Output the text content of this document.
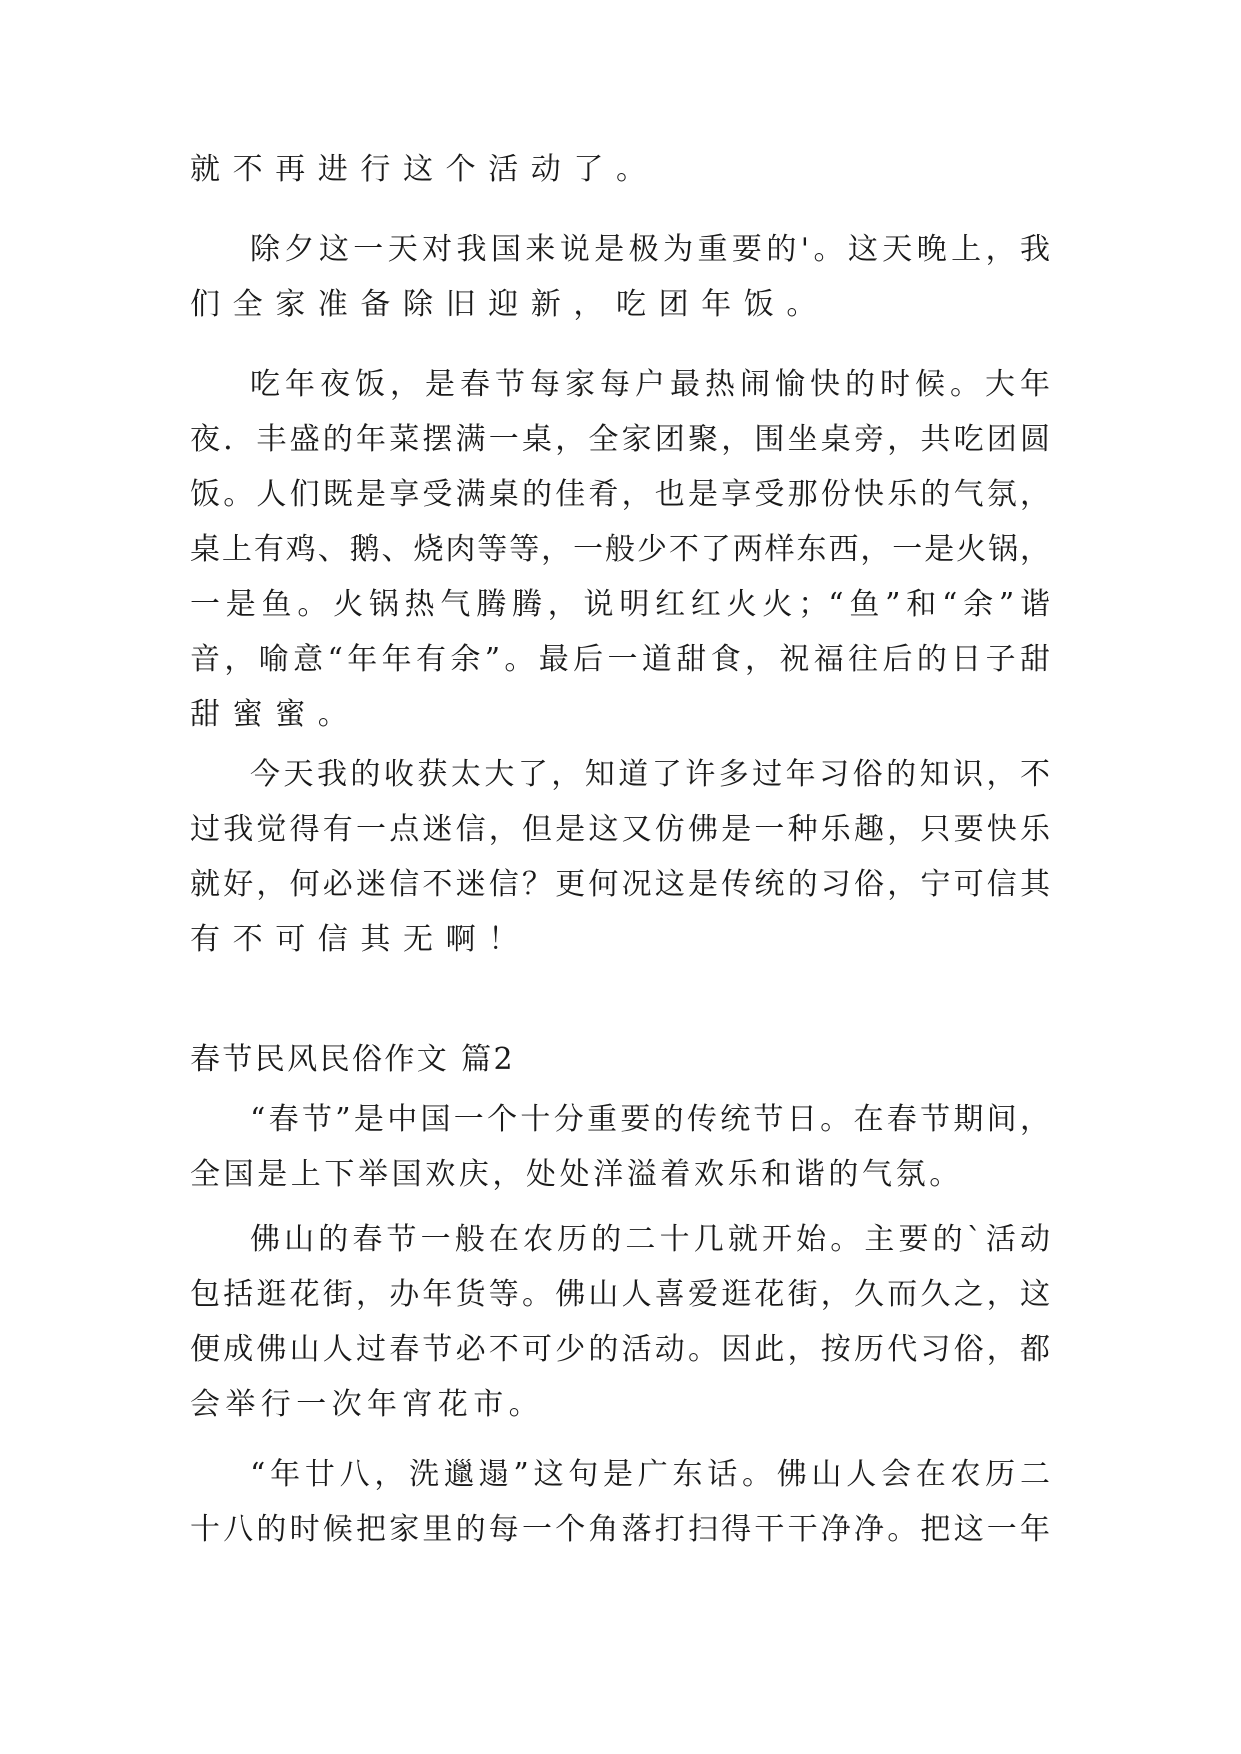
就不再进行这个活动了。
除夕这一天对我国来说是极为重要的'。这天晚上，我
们全家准备除旧迎新，吃团年饭。
吃年夜饭，是春节每家每户最热闹愉快的时候。大年
夜．丰盛的年菜摆满一桌，全家团聚，围坐桌旁，共吃团圆
饭。人们既是享受满桌的佳肴，也是享受那份快乐的气氛，
桌上有鸡、鹅、烧肉等等，一般少不了两样东西，一是火锅，
一是鱼。火锅热气腾腾，说明红红火火；“鱼”和“余”谐
音，喻意“年年有余”。最后一道甜食，祝福往后的日子甜
甜蜜蜜。
今天我的收获太大了，知道了许多过年习俗的知识，不
过我觉得有一点迷信，但是这又仿佛是一种乐趣，只要快乐
就好，何必迷信不迷信？更何况这是传统的习俗，宁可信其
有不可信其无啊！
春节民风民俗作文 篇2
“春节”是中国一个十分重要的传统节日。在春节期间，
全国是上下举国欢庆，处处洋溢着欢乐和谐的气氛。
佛山的春节一般在农历的二十几就开始。主要的`活动
包括逛花街，办年货等。佛山人喜爱逛花街，久而久之，这
便成佛山人过春节必不可少的活动。因此，按历代习俗，都
会举行一次年宵花市。
“年廿八，洗邋遢”这句是广东话。佛山人会在农历二
十八的时候把家里的每一个角落打扫得干干净净。把这一年
